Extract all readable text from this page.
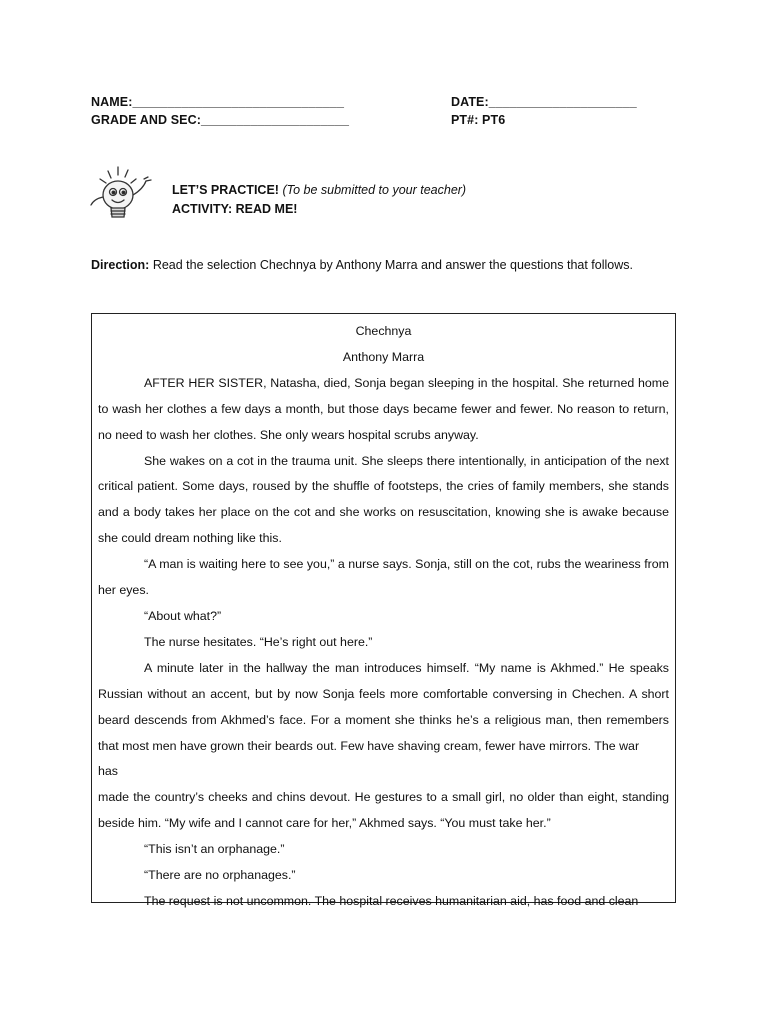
NAME:______________________________	DATE:_____________________
GRADE AND SEC:_____________________	PT#: PT6
LET’S PRACTICE! (To be submitted to your teacher)
ACTIVITY: READ ME!
Direction: Read the selection Chechnya by Anthony Marra and answer the questions that follows.
Chechnya
Anthony Marra

AFTER HER SISTER, Natasha, died, Sonja began sleeping in the hospital. She returned home to wash her clothes a few days a month, but those days became fewer and fewer. No reason to return, no need to wash her clothes. She only wears hospital scrubs anyway.

She wakes on a cot in the trauma unit. She sleeps there intentionally, in anticipation of the next critical patient. Some days, roused by the shuffle of footsteps, the cries of family members, she stands and a body takes her place on the cot and she works on resuscitation, knowing she is awake because she could dream nothing like this.

“A man is waiting here to see you,” a nurse says. Sonja, still on the cot, rubs the weariness from her eyes.

“About what?”

The nurse hesitates. “He’s right out here.”

A minute later in the hallway the man introduces himself. “My name is Akhmed.” He speaks Russian without an accent, but by now Sonja feels more comfortable conversing in Chechen. A short beard descends from Akhmed’s face. For a moment she thinks he’s a religious man, then remembers that most men have grown their beards out. Few have shaving cream, fewer have mirrors. The war

has

made the country’s cheeks and chins devout. He gestures to a small girl, no older than eight, standing beside him. “My wife and I cannot care for her,” Akhmed says. “You must take her.”

“This isn’t an orphanage.”

“There are no orphanages.”

The request is not uncommon. The hospital receives humanitarian aid, has food and clean
